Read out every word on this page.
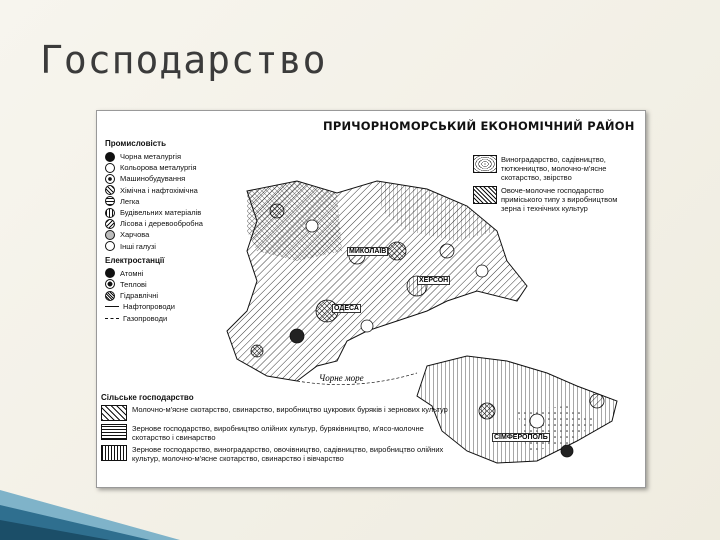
Господарство
ПРИЧОРНОМОРСЬКИЙ ЕКОНОМІЧНИЙ РАЙОН
Промисловість
Чорна металургія
Кольорова металургія
Машинобудування
Хімічна і нафтохімічна
Легка
Будівельних матеріалів
Лісова і деревообробна
Харчова
Інші галузі
Електростанції
Атомні
Теплові
Гідравлічні
Нафтопроводи
Газопроводи
Виноградарство, садівництво, тютюнництво, молочно-м'ясне скотарство, звірство
Овоче-молочне господарство приміського типу з виробництвом зерна і технічних культур
МИКОЛАЇВ
ХЕРСОН
ОДЕСА
СІМФЕРОПОЛЬ
Чорне море
Сільське господарство
Молочно-м'ясне скотарство, свинарство, виробництво цукрових буряків і зернових культур
Зернове господарство, виробництво олійних культур, буряківництво, м'ясо-молочне скотарство і свинарство
Зернове господарство, виноградарство, овочівництво, садівництво, виробництво олійних культур, молочно-м'ясне скотарство, свинарство і вівчарство
